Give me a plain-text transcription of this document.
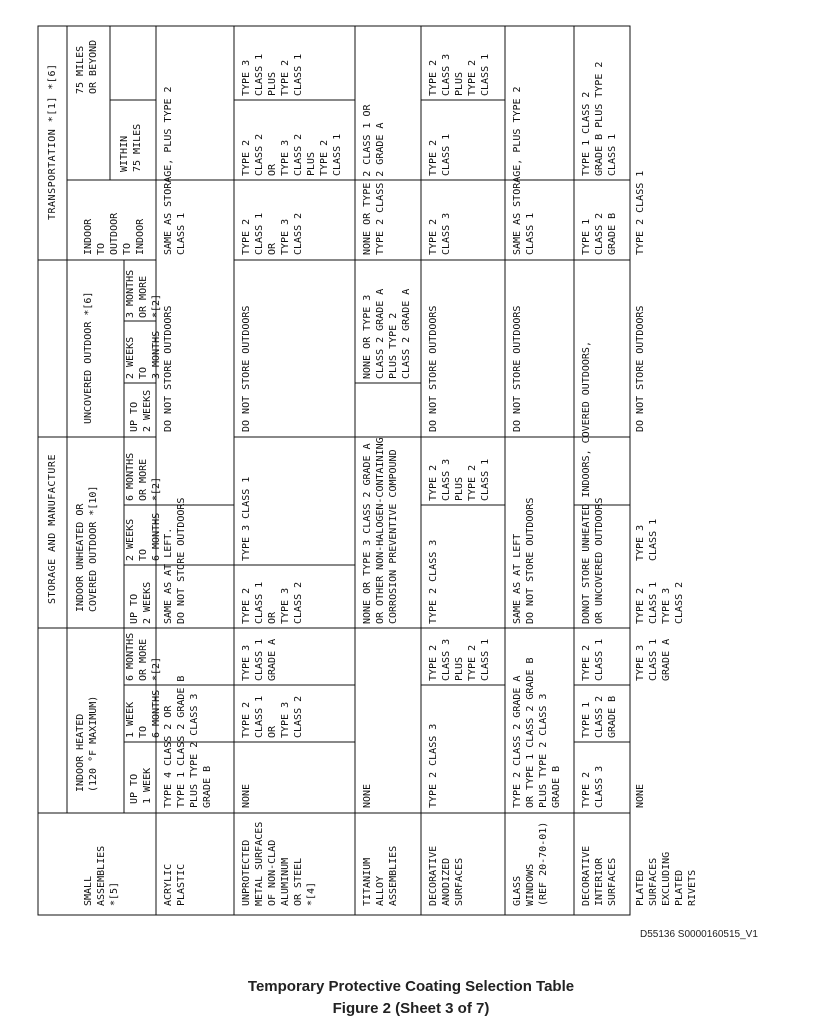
SMALL
ASSEMBLIES
*[5]
STORAGE AND MANUFACTURE
TRANSPORTATION *[1] *[6]
INDOOR HEATED
(120 °F MAXIMUM)
INDOOR UNHEATED OR
COVERED OUTDOOR *[10]
UNCOVERED OUTDOOR *[6]
INDOOR
TO
OUTDOOR
TO
INDOOR
WITHIN
75 MILES
75 MILES
OR BEYOND
UP TO
1 WEEK
1 WEEK
TO
6 MONTHS
6 MONTHS
OR MORE
*[2]
UP TO
2 WEEKS
2 WEEKS
TO
6 MONTHS
6 MONTHS
OR MORE
*[2]
UP TO
2 WEEKS
2 WEEKS
TO
3 MONTHS
3 MONTHS
OR MORE
*[2]
ACRYLIC
PLASTIC
TYPE 4 CLASS 2 OR
TYPE 1 CLASS 2 GRADE B
PLUS TYPE 2 CLASS 3
GRADE B
SAME AS AT LEFT.
DO NOT STORE OUTDOORS
DO NOT STORE OUTDOORS
SAME AS STORAGE, PLUS TYPE 2
CLASS 1
UNPROTECTED
METAL SURFACES
OF NON-CLAD
ALUMINUM
OR STEEL
*[4]
NONE
TYPE 2
CLASS 1
OR
TYPE 3
CLASS 2
TYPE 3
CLASS 1
GRADE A
TYPE 2
CLASS 1
OR
TYPE 3
CLASS 2
TYPE 3 CLASS 1
DO NOT STORE OUTDOORS
TYPE 2
CLASS 1
OR
TYPE 3
CLASS 2
TYPE 2
CLASS 2
OR
TYPE 3
CLASS 2
PLUS
TYPE 2
CLASS 1
TYPE 3
CLASS 1
PLUS
TYPE 2
CLASS 1
TITANIUM
ALLOY
ASSEMBLIES
NONE
NONE OR TYPE 3 CLASS 2 GRADE A
OR OTHER NON-HALOGEN-CONTAINING
CORROSION PREVENTIVE COMPOUND
NONE OR TYPE 3
CLASS 2 GRADE A
PLUS TYPE 2
CLASS 2 GRADE A
NONE OR TYPE 2 CLASS 1 OR
TYPE 2 CLASS 2 GRADE A
DECORATIVE
ANODIZED
SURFACES
TYPE 2 CLASS 3
TYPE 2
CLASS 3
PLUS
TYPE 2
CLASS 1
TYPE 2 CLASS 3
TYPE 2
CLASS 3
PLUS
TYPE 2
CLASS 1
DO NOT STORE OUTDOORS
TYPE 2
CLASS 3
TYPE 2
CLASS 1
TYPE 2
CLASS 3
PLUS
TYPE 2
CLASS 1
GLASS
WINDOWS
(REF 20-70-01)
TYPE 2 CLASS 2 GRADE A
OR TYPE 1 CLASS 2 GRADE B
PLUS TYPE 2 CLASS 3
GRADE B
SAME AS AT LEFT
DO NOT STORE OUTDOORS
DO NOT STORE OUTDOORS
SAME AS STORAGE, PLUS TYPE 2
CLASS 1
DECORATIVE
INTERIOR
SURFACES
TYPE 2
CLASS 3
TYPE 1
CLASS 2
GRADE B
TYPE 2
CLASS 1
DONOT STORE UNHEATED INDOORS, COVERED OUTDOORS,
OR UNCOVERED OUTDOORS
TYPE 1
CLASS 2
GRADE B
TYPE 1 CLASS 2
GRADE B PLUS TYPE 2
CLASS 1
PLATED
SURFACES
EXCLUDING
PLATED
RIVETS
NONE
TYPE 3
CLASS 1
GRADE A
TYPE 2
CLASS 1
TYPE 3
CLASS 2
TYPE 3
CLASS 1
DO NOT STORE OUTDOORS
TYPE 2 CLASS 1
D55136 S0000160515_V1
Temporary Protective Coating Selection Table
Figure 2 (Sheet 3 of 7)
